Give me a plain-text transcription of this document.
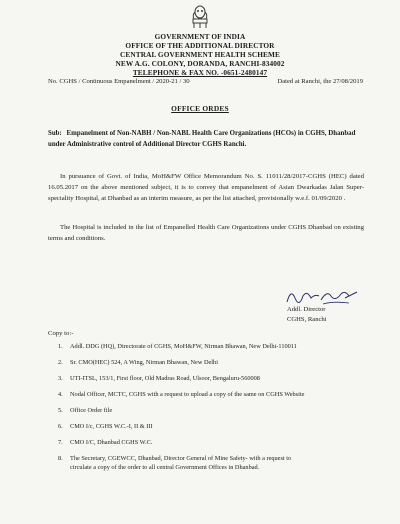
GOVERNMENT OF INDIA
OFFICE OF THE ADDITIONAL DIRECTOR
CENTRAL GOVERNMENT HEALTH SCHEME
NEW A.G. COLONY, DORANDA, RANCHI-834002
TELEPHONE & FAX NO. -0651-2480147
No. CGHS / Continuous Empanelment / 2020-21 / 30	Dated at Ranchi, the 27/08/2019
OFFICE ORDES
Sub: Empanelment of Non-NABH / Non-NABL Health Care Organizations (HCOs) in CGHS, Dhanbad under Administrative control of Additional Director CGHS Ranchi.
In pursuance of Govt. of India, MoH&FW Office Memorandum No. S. 11011/28/2017-CGHS (HEC) dated 16.05.2017 on the above mentioned subject, it is to convey that empanelment of Asian Dwarkadas Jalan Super-speciality Hospital, at Dhanbad as an interim measure, as per the list attached, provisionally w.e.f. 01/09/2020 .
The Hospital is included in the list of Empanelled Health Care Organizations under CGHS Dhanbad on existing terms and conditions.
Addl. Director
CGHS, Ranchi
Copy to:-
1. Addl. DDG (HQ), Directorate of CGHS, MoH&FW, Nirman Bhawan, New Delhi-110011
2. Sr. CMO(HEC) 524, A Wing, Nirman Bhawan, New Delhi
3. UTI-ITSL, 153/1, First floor, Old Madras Road, Ulsoor, Bengaluru-560008
4. Nodal Officer, MCTC, CGHS with a request to upload a copy of the same on CGHS Website
5. Office Order file
6. CMO I/c, CGHS W.C.-I, II & III
7. CMO I/C, Dhanbad CGHS W.C.
8. The Secretary, CGEWCC, Dhanbad, Director General of Mine Safety- with a request to
circulate a copy of the order to all central Government Offices in Dhanbad.
